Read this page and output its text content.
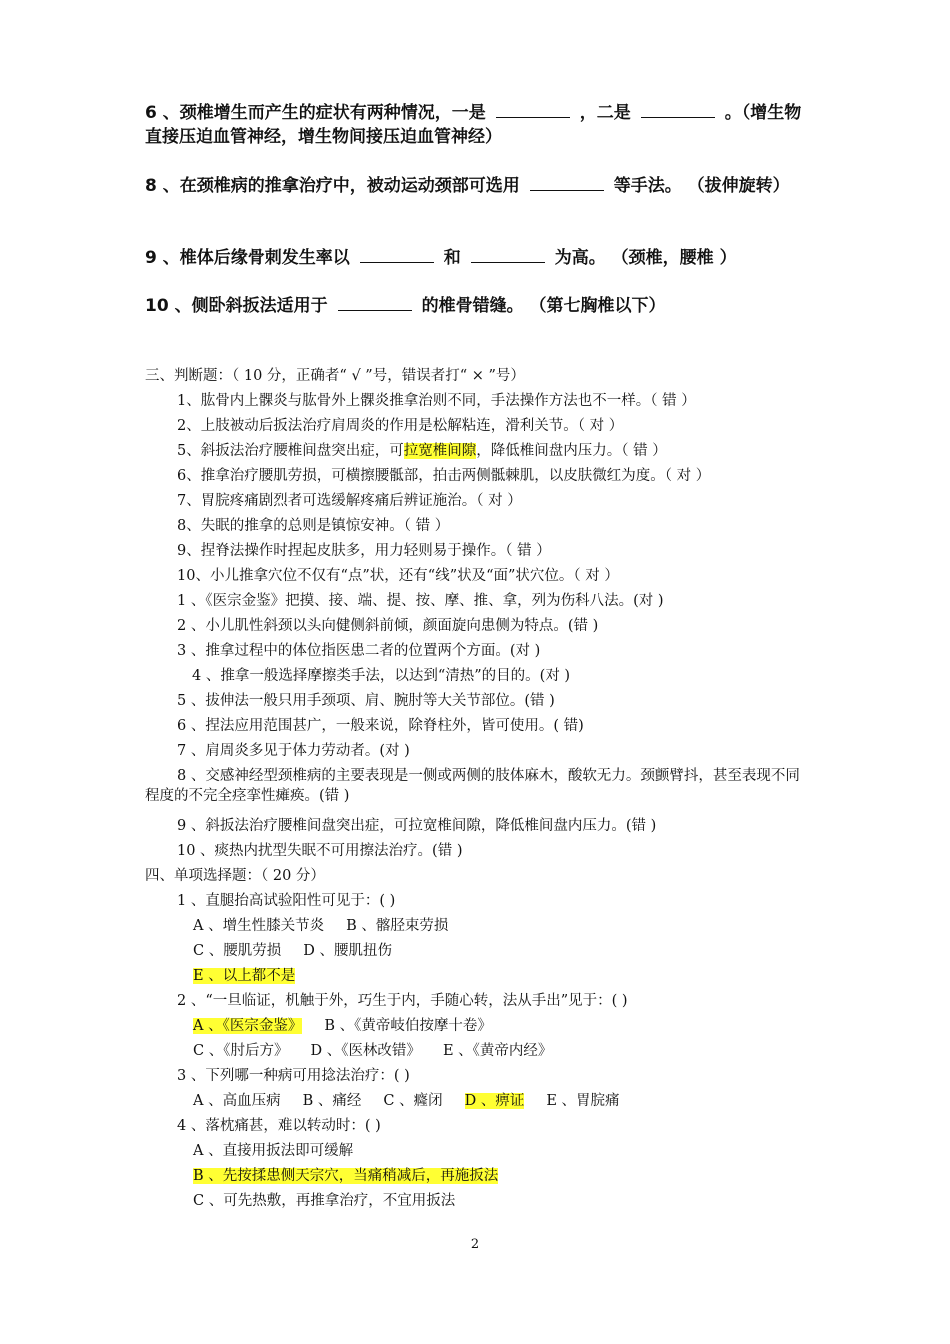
6 、颈椎增生而产生的症状有两种情况，一是	，二是	。（增生物直接压迫血管神经，增生物间接压迫血管神经）

8 、在颈椎病的推拿治疗中，被动运动颈部可选用	等手法。 （拔伸旋转）

9 、椎体后缘骨刺发生率以	和	为高。 （颈椎，腰椎 ）

10 、侧卧斜扳法适用于	的椎骨错缝。 （第七胸椎以下）

三、判断题：（ 10 分，正确者“ √ ”号，错误者打“ × ”号）

1、肱骨内上髁炎与肱骨外上髁炎推拿治则不同，手法操作方法也不一样。（ 错 ）

2、上肢被动后扳法治疗肩周炎的作用是松解粘连，滑利关节。（ 对 ）

5、斜扳法治疗腰椎间盘突出症，可拉宽椎间隙，降低椎间盘内压力。（ 错 ）

6、推拿治疗腰肌劳损，可横擦腰骶部，拍击两侧骶棘肌，以皮肤微红为度。（ 对 ）

7、胃脘疼痛剧烈者可选缓解疼痛后辨证施治。（ 对 ）

8、失眠的推拿的总则是镇惊安神。（ 错 ）

9、捏脊法操作时捏起皮肤多，用力轻则易于操作。（ 错 ）

10、小儿推拿穴位不仅有“点”状，还有“线”状及“面”状穴位。（ 对 ）

1 、《医宗金鉴》把摸、接、端、提、按、摩、推、拿，列为伤科八法。(对 )

2 、小儿肌性斜颈以头向健侧斜前倾，颜面旋向患侧为特点。(错 )

3 、推拿过程中的体位指医患二者的位置两个方面。(对 )

4 、推拿一般选择摩擦类手法，以达到“清热”的目的。(对 )

5 、拔伸法一般只用手颈项、肩、腕肘等大关节部位。(错 )

6 、捏法应用范围甚广，一般来说，除脊柱外，皆可使用。( 错)

7 、肩周炎多见于体力劳动者。(对 )

8 、交感神经型颈椎病的主要表现是一侧或两侧的肢体麻木，酸软无力。颈颤臂抖，甚至表现不同程度的不完全痉挛性瘫痪。(错 )

9 、斜扳法治疗腰椎间盘突出症，可拉宽椎间隙，降低椎间盘内压力。(错 )

10 、痰热内扰型失眠不可用擦法治疗。(错 )

四、单项选择题：（ 20 分）

1 、直腿抬高试验阳性可见于：( )

A 、增生性膝关节炎 B 、髂胫束劳损

C 、腰肌劳损 D 、腰肌扭伤

E 、以上都不是

2 、“一旦临证，机触于外，巧生于内，手随心转，法从手出”见于：( )

A 、《医宗金鉴》 B 、《黄帝岐伯按摩十卷》

C 、《肘后方》 D 、《医林改错》 E 、《黄帝内经》

3 、下列哪一种病可用捻法治疗：( )

A 、高血压病 B 、痛经 C 、癃闭 D 、痹证 E 、胃脘痛

4 、落枕痛甚，难以转动时：( )

A 、直接用扳法即可缓解

B 、先按揉患侧天宗穴，当痛稍减后，再施扳法

C 、可先热敷，再推拿治疗，不宜用扳法

2
